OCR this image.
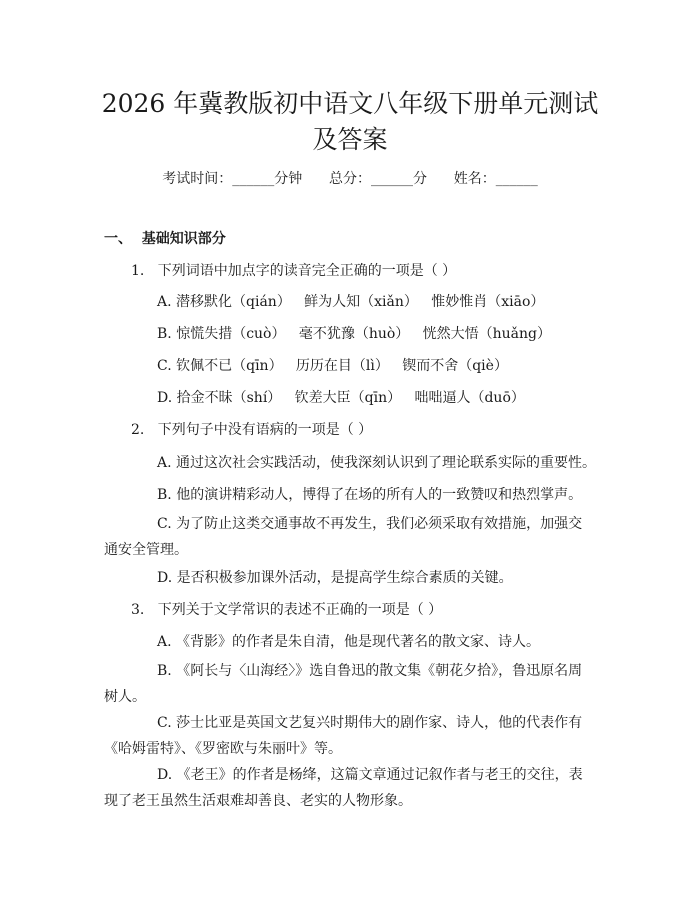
2026 年冀教版初中语文八年级下册单元测试
及答案
考试时间：______分钟      总分：______分      姓名：______
一、  基础知识部分
1.   下列词语中加点字的读音完全正确的一项是（ ）
A. 潜移默化（qián）   鲜为人知（xiǎn）   惟妙惟肖（xiāo）
B. 惊慌失措（cuò）   毫不犹豫（huò）   恍然大悟（huǎng）
C. 钦佩不已（qīn）   历历在目（lì）   锲而不舍（qiè）
D. 拾金不昧（shí）   钦差大臣（qīn）   咄咄逼人（duō）
2.   下列句子中没有语病的一项是（ ）
A. 通过这次社会实践活动，使我深刻认识到了理论联系实际的重要性。
B. 他的演讲精彩动人，博得了在场的所有人的一致赞叹和热烈掌声。
C. 为了防止这类交通事故不再发生，我们必须采取有效措施，加强交通安全管理。
D. 是否积极参加课外活动，是提高学生综合素质的关键。
3.   下列关于文学常识的表述不正确的一项是（ ）
A. 《背影》的作者是朱自清，他是现代著名的散文家、诗人。
B. 《阿长与〈山海经〉》选自鲁迅的散文集《朝花夕拾》，鲁迅原名周树人。
C. 莎士比亚是英国文艺复兴时期伟大的剧作家、诗人，他的代表作有《哈姆雷特》、《罗密欧与朱丽叶》等。
D. 《老王》的作者是杨绛，这篇文章通过记叙作者与老王的交往，表现了老王虽然生活艰难却善良、老实的人物形象。
